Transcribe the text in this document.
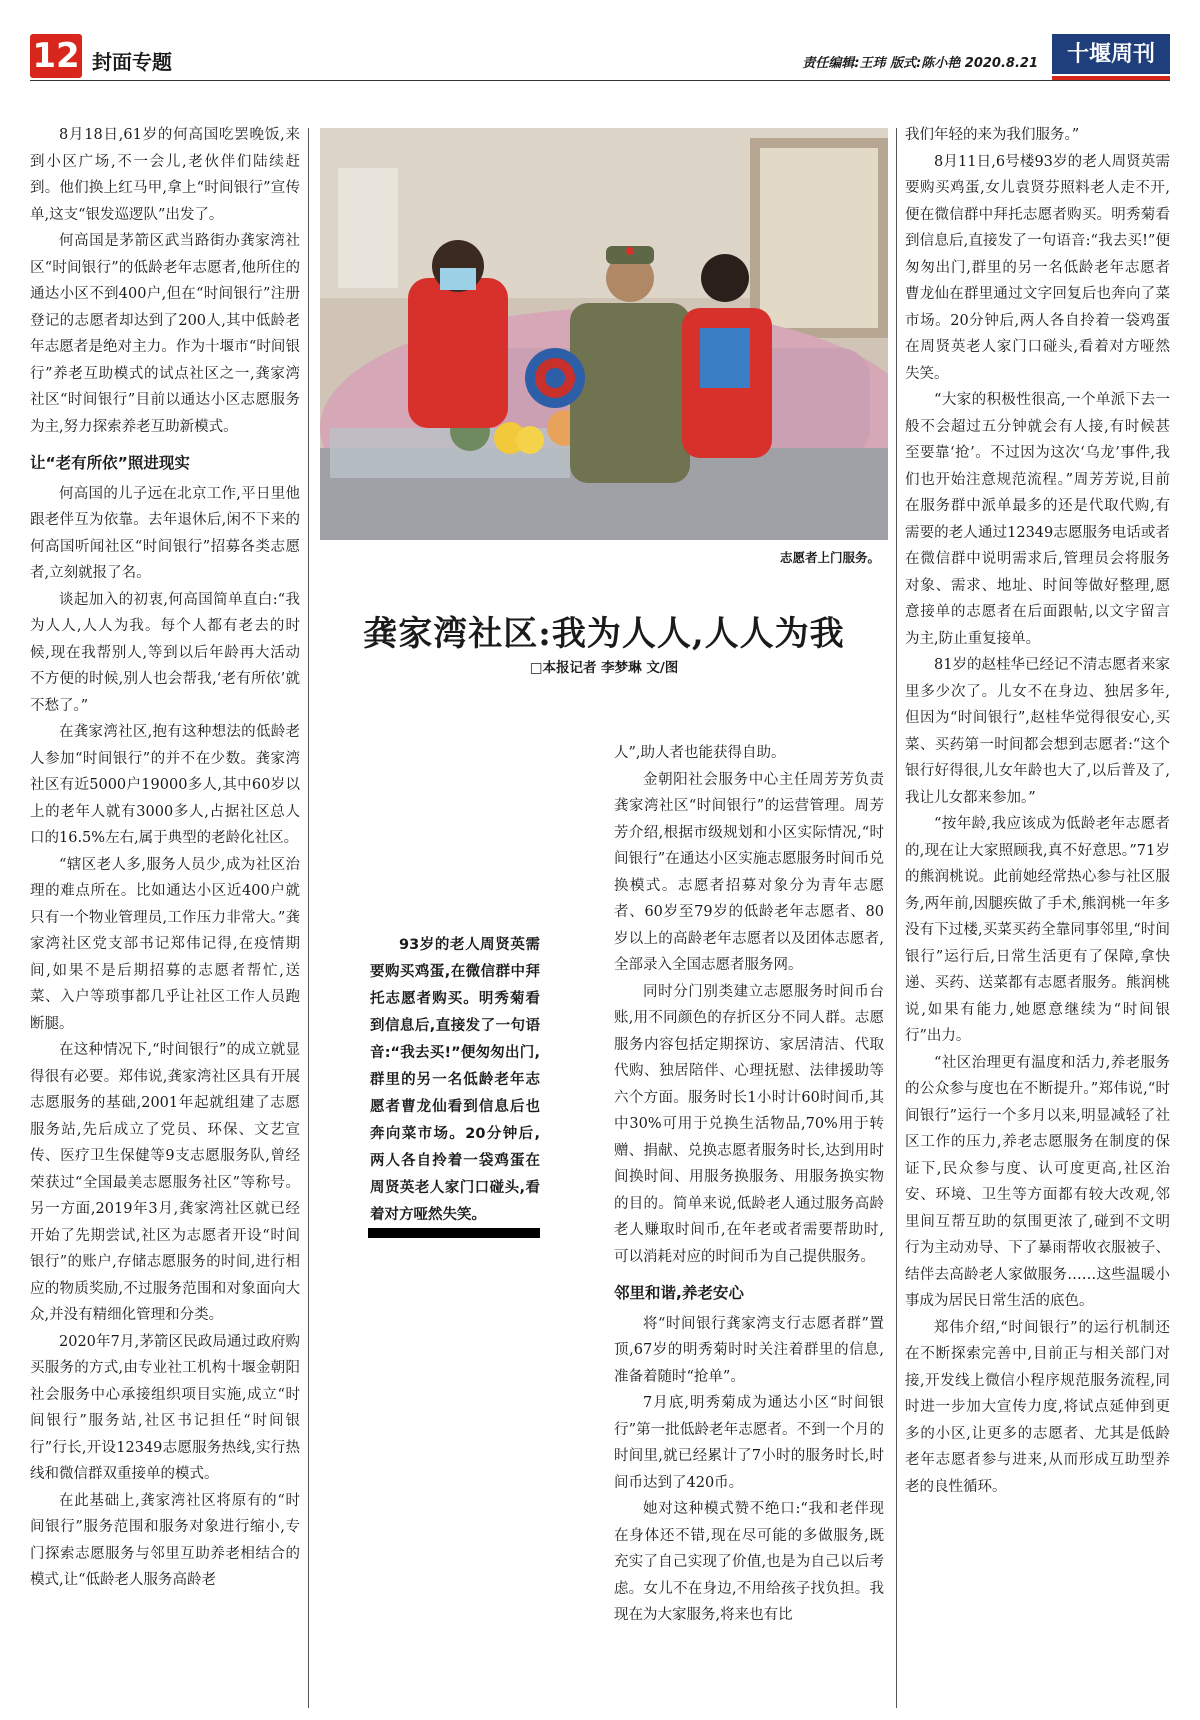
12 封面专题	责任编辑:王玮 版式:陈小艳 2020.8.21	十堰周刊

8月18日,61岁的何高国吃罢晚饭,来到小区广场,不一会儿,老伙伴们陆续赶到。他们换上红马甲,拿上“时间银行”宣传单,这支“银发巡逻队”出发了。

何高国是茅箭区武当路街办龚家湾社区“时间银行”的低龄老年志愿者,他所住的通达小区不到400户,但在“时间银行”注册登记的志愿者却达到了200人,其中低龄老年志愿者是绝对主力。作为十堰市“时间银行”养老互助模式的试点社区之一,龚家湾社区“时间银行”目前以通达小区志愿服务为主,努力探索养老互助新模式。

让“老有所依”照进现实

何高国的儿子远在北京工作,平日里他跟老伴互为依靠。去年退休后,闲不下来的何高国听闻社区“时间银行”招募各类志愿者,立刻就报了名。

谈起加入的初衷,何高国简单直白:“我为人人,人人为我。每个人都有老去的时候,现在我帮别人,等到以后年龄再大活动不方便的时候,别人也会帮我,‘老有所依’就不愁了。”

在龚家湾社区,抱有这种想法的低龄老人参加“时间银行”的并不在少数。龚家湾社区有近5000户19000多人,其中60岁以上的老年人就有3000多人,占据社区总人口的16.5%左右,属于典型的老龄化社区。

“辖区老人多,服务人员少,成为社区治理的难点所在。比如通达小区近400户就只有一个物业管理员,工作压力非常大。”龚家湾社区党支部书记郑伟记得,在疫情期间,如果不是后期招募的志愿者帮忙,送菜、入户等琐事都几乎让社区工作人员跑断腿。

在这种情况下,“时间银行”的成立就显得很有必要。郑伟说,龚家湾社区具有开展志愿服务的基础,2001年起就组建了志愿服务站,先后成立了党员、环保、文艺宣传、医疗卫生保健等9支志愿服务队,曾经荣获过“全国最美志愿服务社区”等称号。另一方面,2019年3月,龚家湾社区就已经开始了先期尝试,社区为志愿者开设“时间银行”的账户,存储志愿服务的时间,进行相应的物质奖励,不过服务范围和对象面向大众,并没有精细化管理和分类。

2020年7月,茅箭区民政局通过政府购买服务的方式,由专业社工机构十堰金朝阳社会服务中心承接组织项目实施,成立“时间银行”服务站,社区书记担任“时间银行”行长,开设12349志愿服务热线,实行热线和微信群双重接单的模式。

在此基础上,龚家湾社区将原有的“时间银行”服务范围和服务对象进行缩小,专门探索志愿服务与邻里互助养老相结合的模式,让“低龄老人服务高龄老

志愿者上门服务。
龚家湾社区:我为人人,人人为我
□本报记者 李梦琳 文/图
93岁的老人周贤英需要购买鸡蛋,在微信群中拜托志愿者购买。明秀菊看到信息后,直接发了一句语音:“我去买!”便匆匆出门,群里的另一名低龄老年志愿者曹龙仙看到信息后也奔向菜市场。20分钟后,两人各自拎着一袋鸡蛋在周贤英老人家门口碰头,看着对方哑然失笑。

人”,助人者也能获得自助。

金朝阳社会服务中心主任周芳芳负责龚家湾社区“时间银行”的运营管理。周芳芳介绍,根据市级规划和小区实际情况,“时间银行”在通达小区实施志愿服务时间币兑换模式。志愿者招募对象分为青年志愿者、60岁至79岁的低龄老年志愿者、80岁以上的高龄老年志愿者以及团体志愿者,全部录入全国志愿者服务网。

同时分门别类建立志愿服务时间币台账,用不同颜色的存折区分不同人群。志愿服务内容包括定期探访、家居清洁、代取代购、独居陪伴、心理抚慰、法律援助等六个方面。服务时长1小时计60时间币,其中30%可用于兑换生活物品,70%用于转赠、捐献、兑换志愿者服务时长,达到用时间换时间、用服务换服务、用服务换实物的目的。简单来说,低龄老人通过服务高龄老人赚取时间币,在年老或者需要帮助时,可以消耗对应的时间币为自己提供服务。

邻里和谐,养老安心

将“时间银行龚家湾支行志愿者群”置顶,67岁的明秀菊时时关注着群里的信息,准备着随时“抢单”。

7月底,明秀菊成为通达小区“时间银行”第一批低龄老年志愿者。不到一个月的时间里,就已经累计了7小时的服务时长,时间币达到了420币。

她对这种模式赞不绝口:“我和老伴现在身体还不错,现在尽可能的多做服务,既充实了自己实现了价值,也是为自己以后考虑。女儿不在身边,不用给孩子找负担。我现在为大家服务,将来也有比

我们年轻的来为我们服务。”

8月11日,6号楼93岁的老人周贤英需要购买鸡蛋,女儿袁贤芬照料老人走不开,便在微信群中拜托志愿者购买。明秀菊看到信息后,直接发了一句语音:“我去买!”便匆匆出门,群里的另一名低龄老年志愿者曹龙仙在群里通过文字回复后也奔向了菜市场。20分钟后,两人各自拎着一袋鸡蛋在周贤英老人家门口碰头,看着对方哑然失笑。

“大家的积极性很高,一个单派下去一般不会超过五分钟就会有人接,有时候甚至要靠‘抢’。不过因为这次‘乌龙’事件,我们也开始注意规范流程。”周芳芳说,目前在服务群中派单最多的还是代取代购,有需要的老人通过12349志愿服务电话或者在微信群中说明需求后,管理员会将服务对象、需求、地址、时间等做好整理,愿意接单的志愿者在后面跟帖,以文字留言为主,防止重复接单。

81岁的赵桂华已经记不清志愿者来家里多少次了。儿女不在身边、独居多年,但因为“时间银行”,赵桂华觉得很安心,买菜、买药第一时间都会想到志愿者:“这个银行好得很,儿女年龄也大了,以后普及了,我让儿女都来参加。”

“按年龄,我应该成为低龄老年志愿者的,现在让大家照顾我,真不好意思。”71岁的熊润桃说。此前她经常热心参与社区服务,两年前,因腿疾做了手术,熊润桃一年多没有下过楼,买菜买药全靠同事邻里,“时间银行”运行后,日常生活更有了保障,拿快递、买药、送菜都有志愿者服务。熊润桃说,如果有能力,她愿意继续为“时间银行”出力。

“社区治理更有温度和活力,养老服务的公众参与度也在不断提升。”郑伟说,“时间银行”运行一个多月以来,明显减轻了社区工作的压力,养老志愿服务在制度的保证下,民众参与度、认可度更高,社区治安、环境、卫生等方面都有较大改观,邻里间互帮互助的氛围更浓了,碰到不文明行为主动劝导、下了暴雨帮收衣服被子、结伴去高龄老人家做服务……这些温暖小事成为居民日常生活的底色。

郑伟介绍,“时间银行”的运行机制还在不断探索完善中,目前正与相关部门对接,开发线上微信小程序规范服务流程,同时进一步加大宣传力度,将试点延伸到更多的小区,让更多的志愿者、尤其是低龄老年志愿者参与进来,从而形成互助型养老的良性循环。
